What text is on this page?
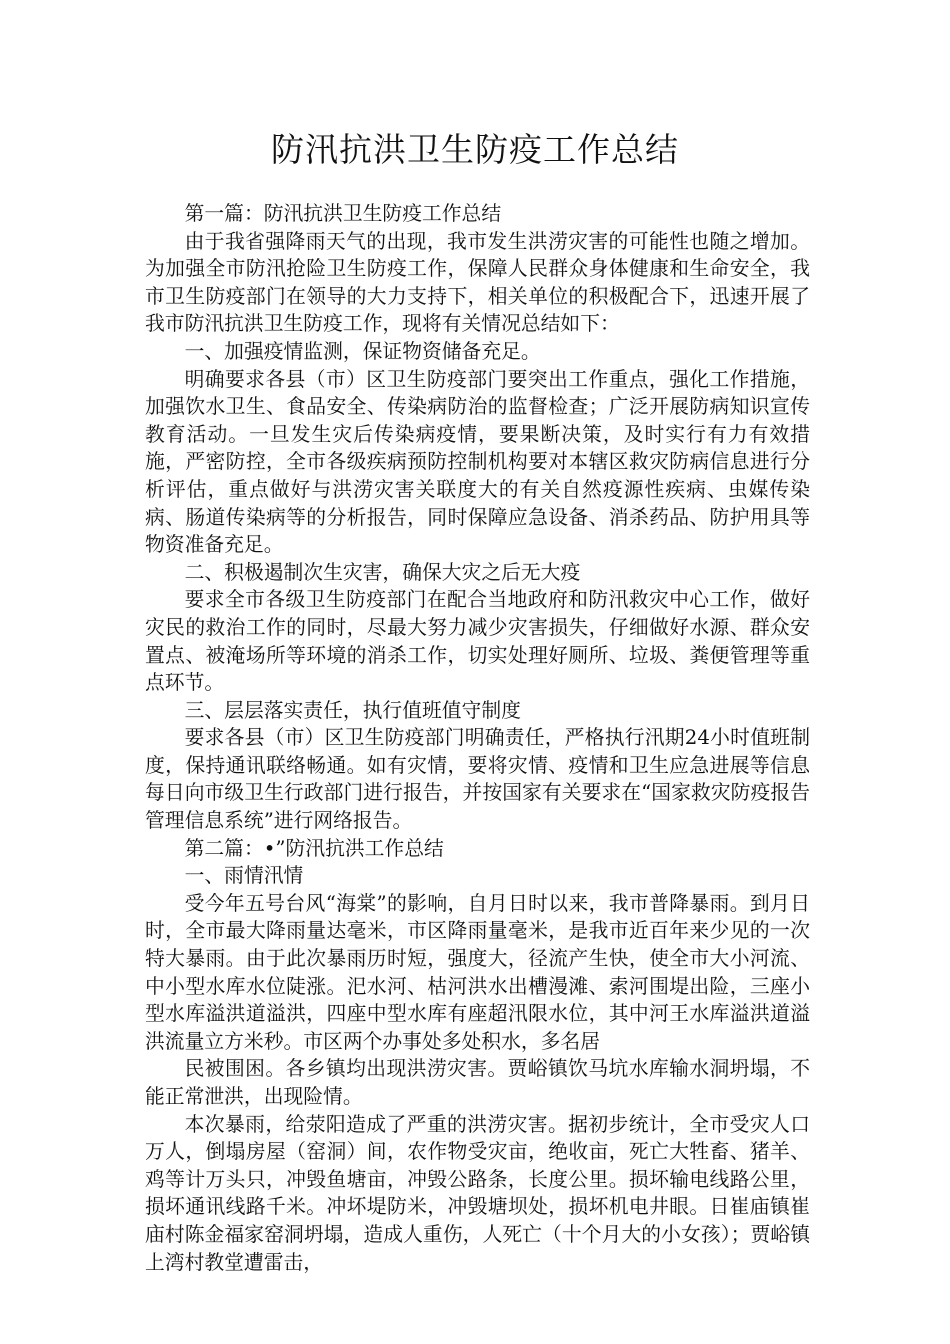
防汛抗洪卫生防疫工作总结

第一篇：防汛抗洪卫生防疫工作总结

由于我省强降雨天气的出现，我市发生洪涝灾害的可能性也随之增加。为加强全市防汛抢险卫生防疫工作，保障人民群众身体健康和生命安全，我市卫生防疫部门在领导的大力支持下，相关单位的积极配合下，迅速开展了我市防汛抗洪卫生防疫工作，现将有关情况总结如下：

一、加强疫情监测，保证物资储备充足。

明确要求各县（市）区卫生防疫部门要突出工作重点，强化工作措施，加强饮水卫生、食品安全、传染病防治的监督检查；广泛开展防病知识宣传教育活动。一旦发生灾后传染病疫情，要果断决策，及时实行有力有效措施，严密防控，全市各级疾病预防控制机构要对本辖区救灾防病信息进行分析评估，重点做好与洪涝灾害关联度大的有关自然疫源性疾病、虫媒传染病、肠道传染病等的分析报告，同时保障应急设备、消杀药品、防护用具等物资准备充足。

二、积极遏制次生灾害，确保大灾之后无大疫

要求全市各级卫生防疫部门在配合当地政府和防汛救灾中心工作，做好灾民的救治工作的同时，尽最大努力减少灾害损失，仔细做好水源、群众安置点、被淹场所等环境的消杀工作，切实处理好厕所、垃圾、粪便管理等重点环节。

三、层层落实责任，执行值班值守制度

要求各县（市）区卫生防疫部门明确责任，严格执行汛期24小时值班制度，保持通讯联络畅通。如有灾情，要将灾情、疫情和卫生应急进展等信息每日向市级卫生行政部门进行报告，并按国家有关要求在“国家救灾防疫报告管理信息系统”进行网络报告。

第二篇：•”防汛抗洪工作总结

一、雨情汛情

受今年五号台风“海棠”的影响，自月日时以来，我市普降暴雨。到月日时，全市最大降雨量达毫米，市区降雨量毫米，是我市近百年来少见的一次特大暴雨。由于此次暴雨历时短，强度大，径流产生快，使全市大小河流、中小型水库水位陡涨。汜水河、枯河洪水出槽漫滩、索河围堤出险，三座小型水库溢洪道溢洪，四座中型水库有座超汛限水位，其中河王水库溢洪道溢洪流量立方米秒。市区两个办事处多处积水，多名居

民被围困。各乡镇均出现洪涝灾害。贾峪镇饮马坑水库输水洞坍塌，不能正常泄洪，出现险情。

本次暴雨，给荥阳造成了严重的洪涝灾害。据初步统计，全市受灾人口万人，倒塌房屋（窑洞）间，农作物受灾亩，绝收亩，死亡大牲畜、猪羊、鸡等计万头只，冲毁鱼塘亩，冲毁公路条，长度公里。损坏输电线路公里，损坏通讯线路千米。冲坏堤防米，冲毁塘坝处，损坏机电井眼。日崔庙镇崔庙村陈金福家窑洞坍塌，造成人重伤，人死亡（十个月大的小女孩）；贾峪镇上湾村教堂遭雷击，
